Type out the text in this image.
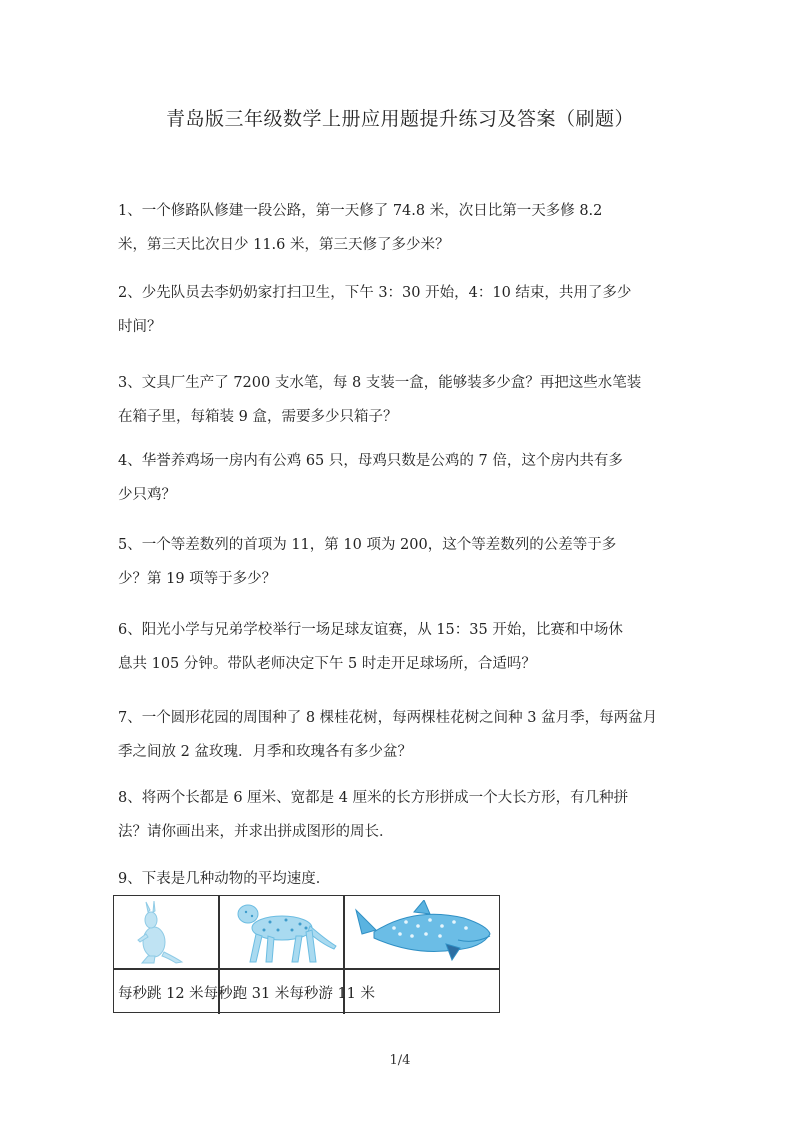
青岛版三年级数学上册应用题提升练习及答案（刷题）
1、一个修路队修建一段公路，第一天修了 74.8 米，次日比第一天多修 8.2
米，第三天比次日少 11.6 米，第三天修了多少米？
2、少先队员去李奶奶家打扫卫生，下午 3：30 开始，4：10 结束，共用了多少
时间？
3、文具厂生产了 7200 支水笔，每 8 支装一盒，能够装多少盒？再把这些水笔装
在箱子里，每箱装 9 盒，需要多少只箱子？
4、华誉养鸡场一房内有公鸡 65 只，母鸡只数是公鸡的 7 倍，这个房内共有多
少只鸡？
5、一个等差数列的首项为 11，第 10 项为 200，这个等差数列的公差等于多
少？第 19 项等于多少？
6、阳光小学与兄弟学校举行一场足球友谊赛，从 15：35 开始，比赛和中场休
息共 105 分钟。带队老师决定下午 5 时走开足球场所，合适吗？
7、一个圆形花园的周围种了 8 棵桂花树，每两棵桂花树之间种 3 盆月季，每两盆月
季之间放 2 盆玫瑰．月季和玫瑰各有多少盆？
8、将两个长都是 6 厘米、宽都是 4 厘米的长方形拼成一个大长方形，有几种拼
法？请你画出来，并求出拼成图形的周长．
9、下表是几种动物的平均速度．
每秒跳 12 米每秒跑 31 米每秒游 11 米
1/4
